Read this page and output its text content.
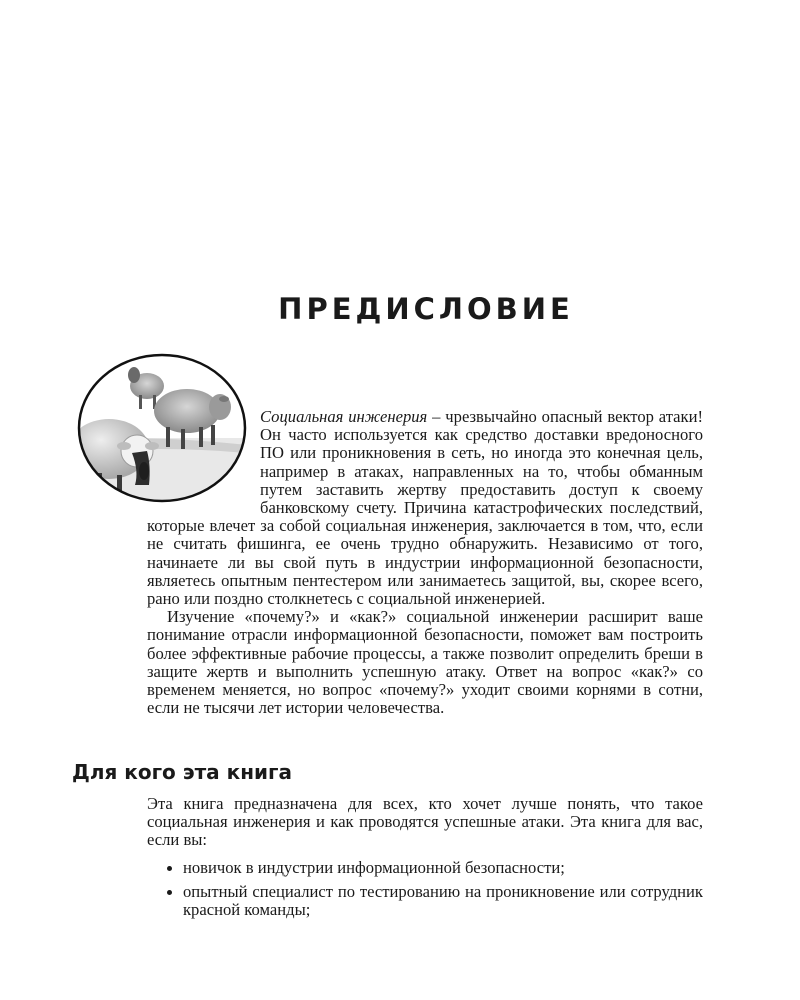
ПРЕДИСЛОВИЕ

Социальная инженерия – чрезвычайно опасный вектор атаки! Он часто используется как средство доставки вредоносного ПО или проникновения в сеть, но иногда это конечная цель, например в атаках, направленных на то, чтобы обманным путем заставить жертву предоставить доступ к своему банковскому счету. Причина катастрофических последствий, которые влечет за собой социальная инженерия, заключается в том, что, если не считать фишинга, ее очень трудно обнаружить. Независимо от того, начинаете ли вы свой путь в индустрии информационной безопасности, являетесь опытным пентестером или занимаетесь защитой, вы, скорее всего, рано или поздно столкнетесь с социальной инженерией.

Изучение «почему?» и «как?» социальной инженерии расширит ваше понимание отрасли информационной безопасности, поможет вам построить более эффективные рабочие процессы, а также позволит определить бреши в защите жертв и выполнить успешную атаку. Ответ на вопрос «как?» со временем меняется, но вопрос «почему?» уходит своими корнями в сотни, если не тысячи лет истории человечества.

Для кого эта книга

Эта книга предназначена для всех, кто хочет лучше понять, что такое социальная инженерия и как проводятся успешные атаки. Эта книга для вас, если вы:

новичок в индустрии информационной безопасности;
опытный специалист по тестированию на проникновение или сотрудник красной команды;
